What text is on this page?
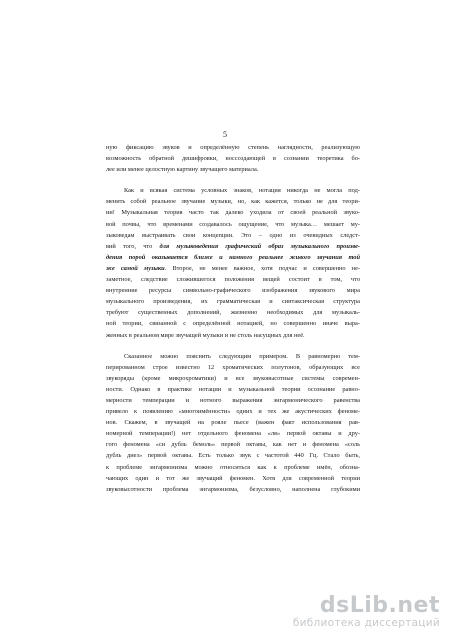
5
ную фиксацию звуков и определённую степень наглядности, реализующую
возможность обратной дешифровки, воссоздающей в сознании теоретика бо-
лее или менее целостную картину звучащего материала.
Как и всякая система условных знаков, нотация никогда не могла под-
менить собой реальное звучание музыки, но, как кажется, только не для теори-
ии! Музыкальная теория часто так далеко уходила от своей реальной звуко-
вой почвы, что временами создавалось ощущение, что музыка… мешает му-
зыковедам выстраивать свои концепции. Это – одно из очевидных следст-
вий того, что для музыковедения графический образ музыкального произве-
дения порой оказывается ближе и намного реальнее живого звучания той
же самой музыки. Второе, не менее важное, хотя подчас и совершенно не-
заметное, следствие сложившегося положения вещей состоит в том, что
внутренние ресурсы символьно-графического изображения звукового мира
музыкального произведения, их грамматическая и синтаксическая структура
требуют существенных дополнений, жизненно необходимых для музыкаль-
ной теории, связанной с определённой нотацией, но совершенно иначе выра-
женных в реальном мире звучащей музыки и не столь насущных для неё.
Сказанное можно пояснить следующим примером. В равномерно тем-
перированном строе известно 12 хроматических полутонов, образующих все
звукоряды (кроме микрохроматики) и все звуковысотные системы современ-
ности. Однако в практике нотации и музыкальной теории осознание равно-
мерности темперации и нотного выражения энгармонического равенства
привело к появлению «многоимённости» одних и тех же акустических феноме-
нов. Скажем, в звучащей на рояле пьесе (важен факт использования рав-
номерной темперации!) нет отдельного феномена «ля» первой октавы и дру-
гого феномена «си дубль бемоль» первой октавы, как нет и феномена «соль
дубль диез» первой октавы. Есть только звук с частотой 440 Гц. Стало быть,
к проблеме энгармонизма можно относиться как к проблеме имён, обознa-
чающих один и тот же звучащий феномен. Хотя для современной теории
звуковысотности проблема энгармонизма, безусловно, наполнена глубокими
dsLib.net
библиотека диссертаций
